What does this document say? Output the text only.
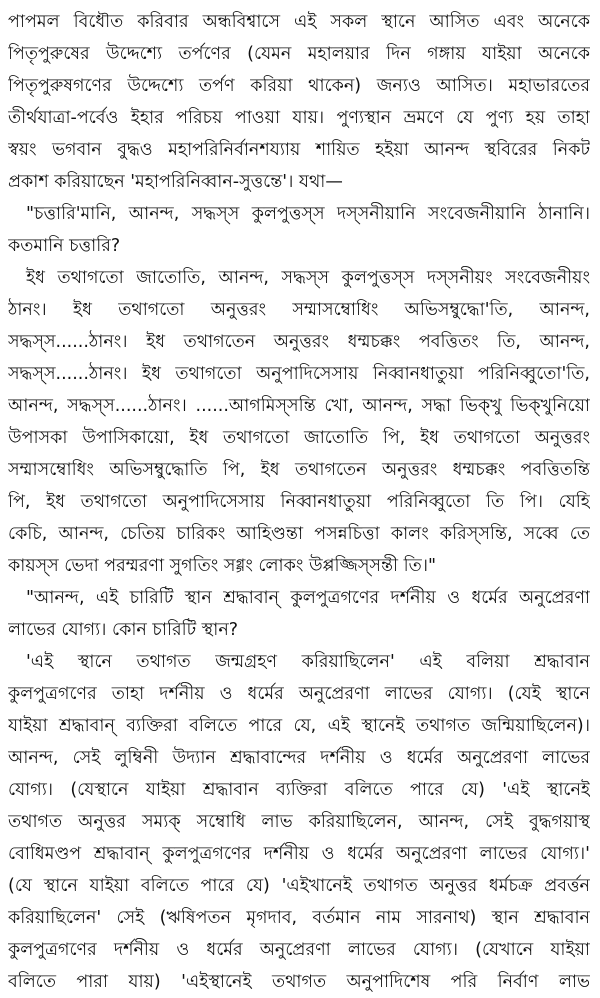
পাপমল বিধৌত করিবার অন্ধবিশ্বাসে এই সকল স্থানে আসিত এবং অনেকে
পিতৃপুরুষের উদ্দেশ্যে তর্পণের (যেমন মহালয়ার দিন গঙ্গায় যাইয়া অনেকে
পিতৃপুরুষগণের উদ্দেশ্যে তর্পণ করিয়া থাকেন) জন্যও আসিত। মহাভারতের
তীর্থযাত্রা-পর্বেও ইহার পরিচয় পাওয়া যায়। পুণ্যস্থান ভ্রমণে যে পুণ্য হয় তাহা
স্বয়ং ভগবান বুদ্ধও মহাপরিনির্বানশয্যায় শায়িত হইয়া আনন্দ স্থবিরের নিকট
প্রকাশ করিয়াছেন 'মহাপরিনিব্বান-সুত্তন্তে'। যথা—
"চত্তারি'মানি, আনন্দ, সদ্ধস্স কুলপুত্তস্স দস্সনীয়ানি সংবেজনীয়ানি ঠানানি।
কতমানি চত্তারি?
ইধ তথাগতো জাতোতি, আনন্দ, সদ্ধস্স কুলপুত্তস্স দস্সনীয়ং সংবেজনীয়ং
ঠানং। ইধ তথাগতো অনুত্তরং সম্মাসম্বোধিং অভিসম্বুদ্ধো'তি, আনন্দ,
সদ্ধস্স......ঠানং। ইধ তথাগতেন অনুত্তরং ধম্মচক্কং পবত্তিতং তি, আনন্দ,
সদ্ধস্স......ঠানং। ইধ তথাগতো অনুপাদিসেসায় নিব্বানধাতুয়া পরিনিব্বুতো'তি,
আনন্দ, সদ্ধস্স......ঠানং। ......আগমিস্সন্তি খো, আনন্দ, সদ্ধা ভিক্খু ভিক্খুনিয়ো
উপাসকা উপাসিকায়ো, ইধ তথাগতো জাতোতি পি, ইধ তথাগতো অনুত্তরং
সম্মাসম্বোধিং অভিসম্বুদ্ধোতি পি, ইধ তথাগতেন অনুত্তরং ধম্মচক্কং পবত্তিতন্তি
পি, ইধ তথাগতো অনুপাদিসেসায় নিব্বানধাতুয়া পরিনিব্বুতো তি পি। যেহি
কেচি, আনন্দ, চেতিয় চারিকং আহিণ্ডন্তা পসন্নচিত্তা কালং করিস্সন্তি, সব্বে তে
কায়স্স ভেদা পরম্মরণা সুগতিং সগ্গং লোকং উপ্পজ্জিস্সন্তী তি।"
"আনন্দ, এই চারিটি স্থান শ্রদ্ধাবান্ কুলপুত্রগণের দর্শনীয় ও ধর্মের অনুপ্রেরণা
লাভের যোগ্য। কোন চারিটি স্থান?
'এই স্থানে তথাগত জন্মগ্রহণ করিয়াছিলেন' এই বলিয়া শ্রদ্ধাবান
কুলপুত্রগণের তাহা দর্শনীয় ও ধর্মের অনুপ্রেরণা লাভের যোগ্য। (যেই স্থানে
যাইয়া শ্রদ্ধাবান্ ব্যক্তিরা বলিতে পারে যে, এই স্থানেই তথাগত জন্মিয়াছিলেন)।
আনন্দ, সেই লুম্বিনী উদ্যান শ্রদ্ধাবান্দের দর্শনীয় ও ধর্মের অনুপ্রেরণা লাভের
যোগ্য। (যেস্থানে যাইয়া শ্রদ্ধাবান ব্যক্তিরা বলিতে পারে যে) 'এই স্থানেই
তথাগত অনুত্তর সম্যক্ সম্বোধি লাভ করিয়াছিলেন, আনন্দ, সেই বুদ্ধগয়াস্থ
বোধিমণ্ডপ শ্রদ্ধাবান্ কুলপুত্রগণের দর্শনীয় ও ধর্মের অনুপ্রেরণা লাভের যোগ্য।'
(যে স্থানে যাইয়া বলিতে পারে যে) 'এইখানেই তথাগত অনুত্তর ধর্মচক্র প্রবর্ত্তন
করিয়াছিলেন' সেই (ঋষিপতন মৃগদাব, বর্তমান নাম সারনাথ) স্থান শ্রদ্ধাবান
কুলপুত্রগণের দর্শনীয় ও ধর্মের অনুপ্রেরণা লাভের যোগ্য। (যেখানে যাইয়া
বলিতে পারা যায়) 'এইস্থানেই তথাগত অনুপাদিশেষ পরি নির্বাণ লাভ
